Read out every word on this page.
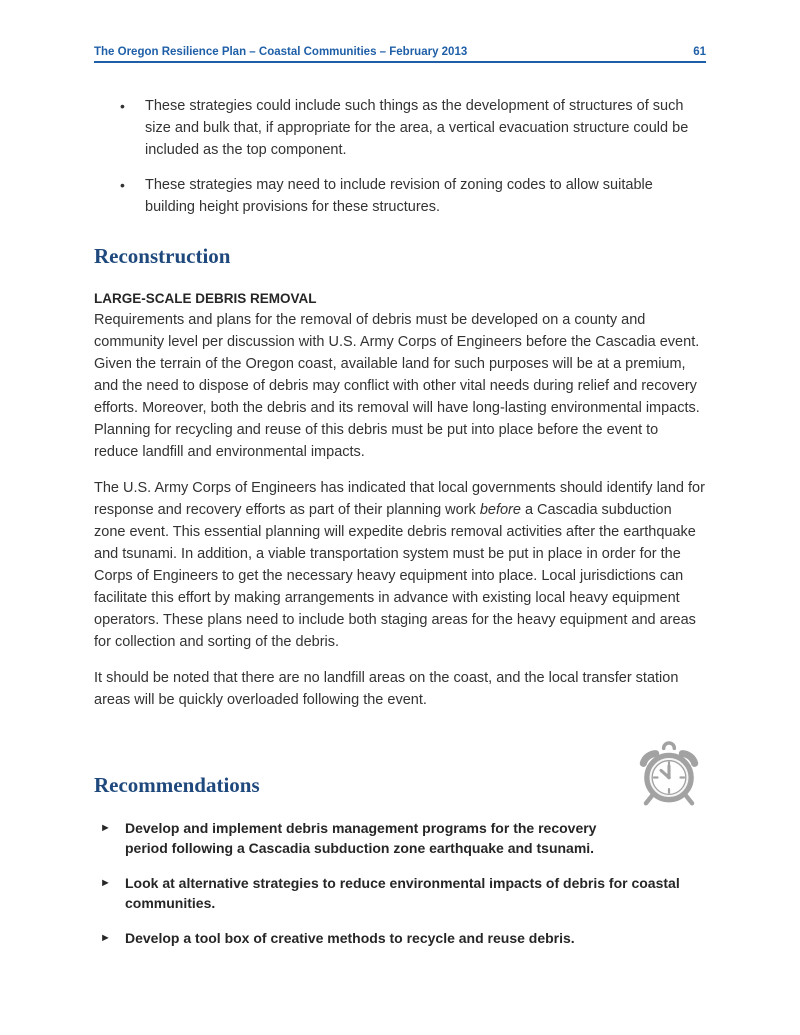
The Oregon Resilience Plan – Coastal Communities – February 2013	61
•	These strategies could include such things as the development of structures of such size and bulk that, if appropriate for the area, a vertical evacuation structure could be included as the top component.
•	These strategies may need to include revision of zoning codes to allow suitable building height provisions for these structures.
Reconstruction
LARGE-SCALE DEBRIS REMOVAL

Requirements and plans for the removal of debris must be developed on a county and community level per discussion with U.S. Army Corps of Engineers before the Cascadia event. Given the terrain of the Oregon coast, available land for such purposes will be at a premium, and the need to dispose of debris may conflict with other vital needs during relief and recovery efforts. Moreover, both the debris and its removal will have long-lasting environmental impacts. Planning for recycling and reuse of this debris must be put into place before the event to reduce landfill and environmental impacts.

The U.S. Army Corps of Engineers has indicated that local governments should identify land for response and recovery efforts as part of their planning work before a Cascadia subduction zone event. This essential planning will expedite debris removal activities after the earthquake and tsunami. In addition, a viable transportation system must be put in place in order for the Corps of Engineers to get the necessary heavy equipment into place. Local jurisdictions can facilitate this effort by making arrangements in advance with existing local heavy equipment operators. These plans need to include both staging areas for the heavy equipment and areas for collection and sorting of the debris.

It should be noted that there are no landfill areas on the coast, and the local transfer station areas will be quickly overloaded following the event.

Recommendations
►	Develop and implement debris management programs for the recovery period following a Cascadia subduction zone earthquake and tsunami.
►	Look at alternative strategies to reduce environmental impacts of debris for coastal communities.
►	Develop a tool box of creative methods to recycle and reuse debris.
